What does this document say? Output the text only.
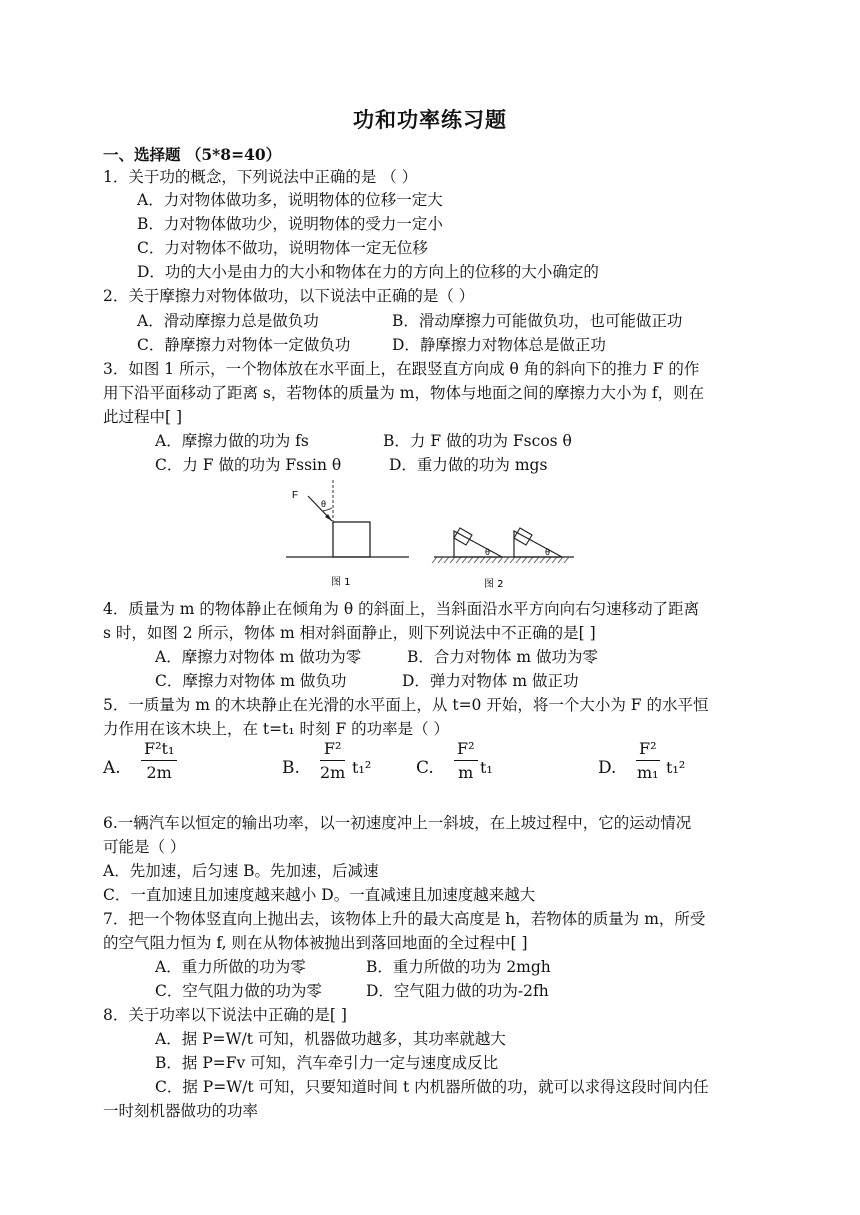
功和功率练习题
一、选择题 （5*8=40）
1．关于功的概念，下列说法中正确的是 （ ）
A．力对物体做功多，说明物体的位移一定大
B．力对物体做功少，说明物体的受力一定小
C．力对物体不做功，说明物体一定无位移
D．功的大小是由力的大小和物体在力的方向上的位移的大小确定的
2．关于摩擦力对物体做功，以下说法中正确的是（ ）
A．滑动摩擦力总是做负功	B．滑动摩擦力可能做负功，也可能做正功
C．静摩擦力对物体一定做负功	D．静摩擦力对物体总是做正功
3．如图 1 所示，一个物体放在水平面上，在跟竖直方向成 θ 角的斜向下的推力 F 的作
用下沿平面移动了距离 s，若物体的质量为 m，物体与地面之间的摩擦力大小为 f，则在
此过程中[ ]
A．摩擦力做的功为 fs	B．力 F 做的功为 Fscos θ
C．力 F 做的功为 Fssin θ	D．重力做的功为 mgs
F
θ
图 1
θ	θ
图 2
4．质量为 m 的物体静止在倾角为 θ 的斜面上，当斜面沿水平方向向右匀速移动了距离
s 时，如图 2 所示，物体 m 相对斜面静止，则下列说法中不正确的是[ ]
A．摩擦力对物体 m 做功为零	B．合力对物体 m 做功为零
C．摩擦力对物体 m 做负功	D．弹力对物体 m 做正功
5．一质量为 m 的木块静止在光滑的水平面上，从 t=0 开始，将一个大小为 F 的水平恒
力作用在该木块上，在 t=t₁ 时刻 F 的功率是（ ）
A. $\frac{\text{F²t₁}}{2m}$	B. $\frac{\text{F²}}{2m} t_1^2$	C. $\frac{\text{F²}}{m} t_1$	D. $\frac{\text{F²}}{\text{m₁}} t_1^2$
6.一辆汽车以恒定的输出功率，以一初速度冲上一斜坡，在上坡过程中，它的运动情况
可能是（ ）
A．先加速，后匀速 B。先加速，后减速
C．一直加速且加速度越来越小 D。一直减速且加速度越来越大
7．把一个物体竖直向上抛出去，该物体上升的最大高度是 h，若物体的质量为 m，所受
的空气阻力恒为 f, 则在从物体被抛出到落回地面的全过程中[ ]
A．重力所做的功为零	B．重力所做的功为 2mgh
C．空气阻力做的功为零	D．空气阻力做的功为-2fh
8．关于功率以下说法中正确的是[ ]
A．据 P=W/t 可知，机器做功越多，其功率就越大
B．据 P=Fv 可知，汽车牵引力一定与速度成反比
C．据 P=W/t 可知，只要知道时间 t 内机器所做的功，就可以求得这段时间内任
一时刻机器做功的功率
